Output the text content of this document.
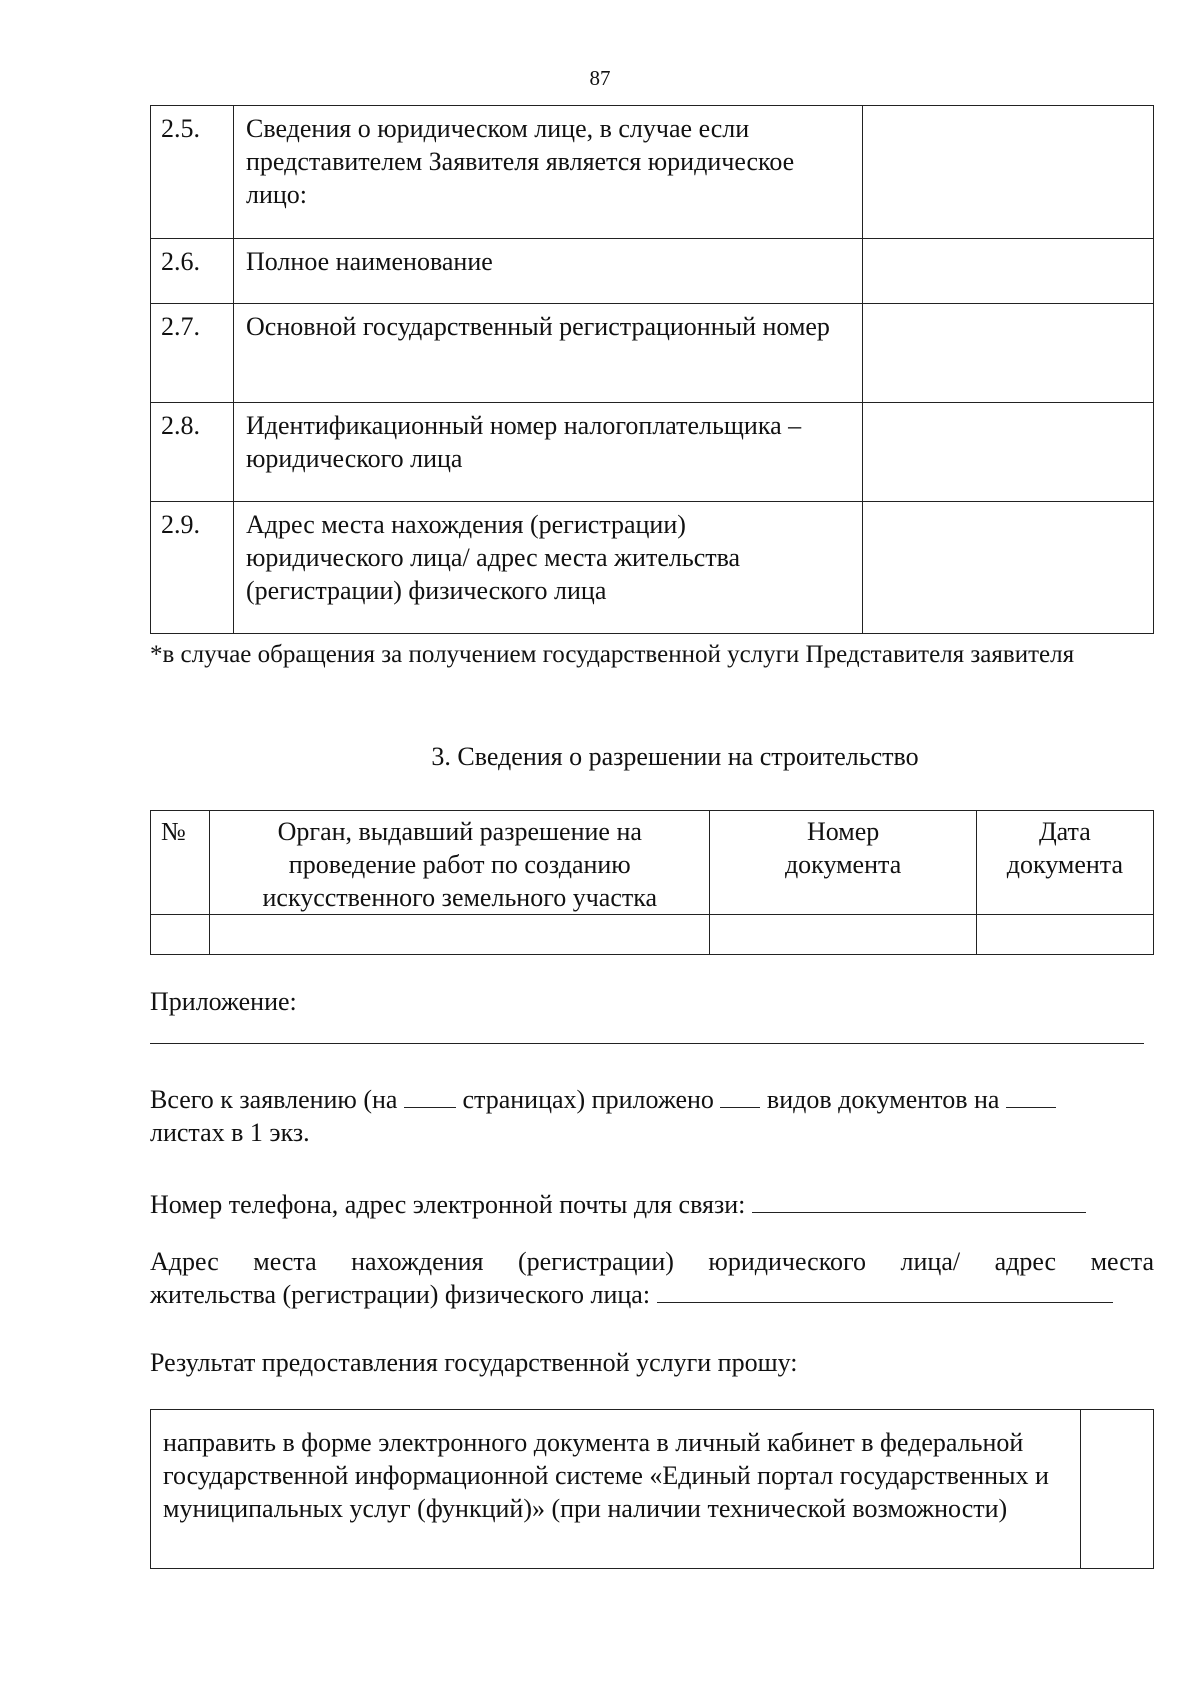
87
2.5.	Сведения о юридическом лице, в случае если представителем Заявителя является юридическое лицо:	
2.6.	Полное наименование	
2.7.	Основной государственный регистрационный номер	
2.8.	Идентификационный номер налогоплательщика – юридического лица	
2.9.	Адрес места нахождения (регистрации) юридического лица/ адрес места жительства (регистрации) физического лица	
*в случае обращения за получением государственной услуги Представителя заявителя
3. Сведения о разрешении на строительство
№	Орган, выдавший разрешение на проведение работ по созданию искусственного земельного участка	Номер документа	Дата документа

Приложение:
Всего к заявлению (на	страницах) приложено видов документов на
листах в 1 экз.
Номер телефона, адрес электронной почты для связи:
Адрес места нахождения (регистрации) юридического лица/ адрес места
жительства (регистрации) физического лица:
Результат предоставления государственной услуги прошу:
направить в форме электронного документа в личный кабинет в федеральной государственной информационной системе «Единый портал государственных и муниципальных услуг (функций)» (при наличии технической возможности)	
